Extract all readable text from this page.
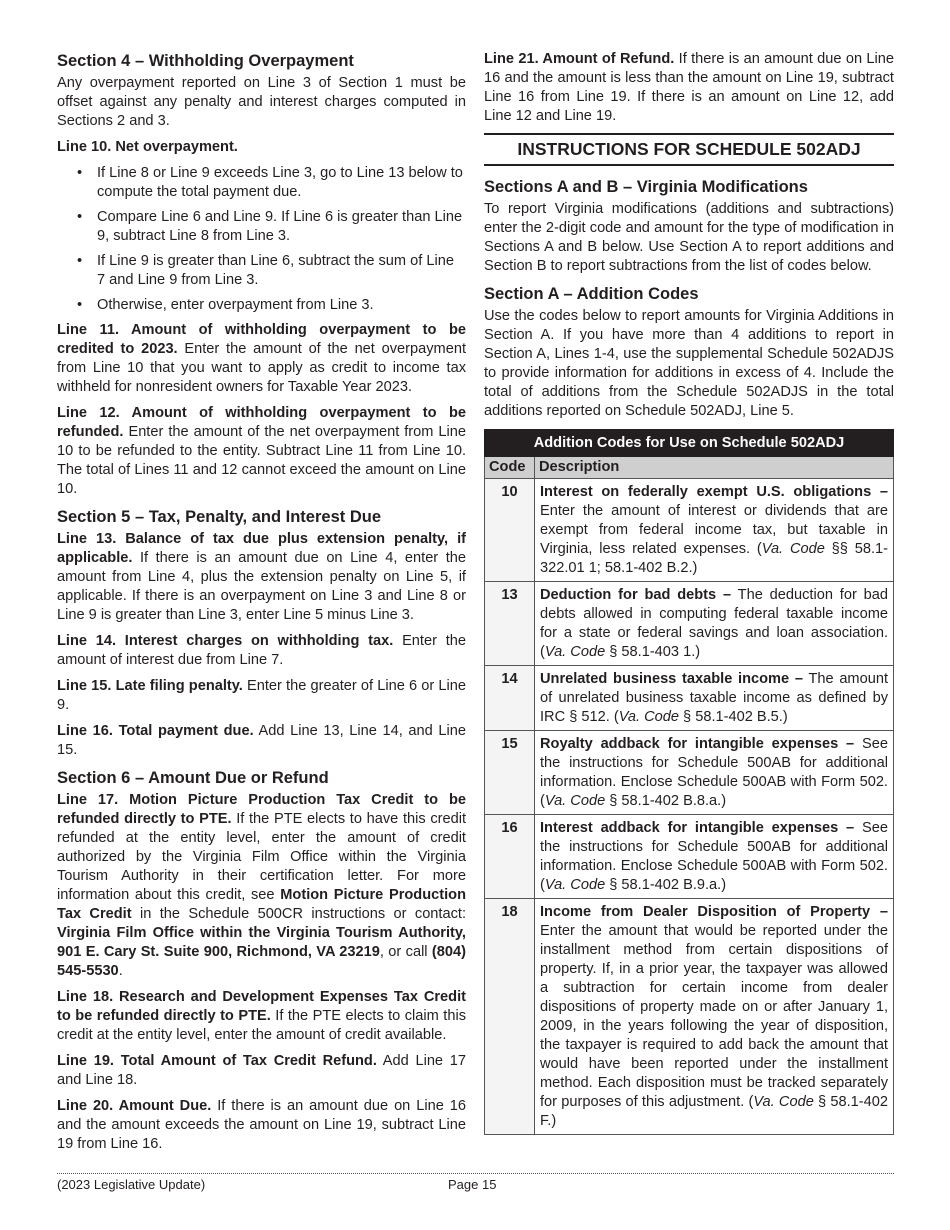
Section 4 – Withholding Overpayment

Any overpayment reported on Line 3 of Section 1 must be offset against any penalty and interest charges computed in Sections 2 and 3.

Line 10. Net overpayment.

• If Line 8 or Line 9 exceeds Line 3, go to Line 13 below to compute the total payment due.
• Compare Line 6 and Line 9. If Line 6 is greater than Line 9, subtract Line 8 from Line 3.
• If Line 9 is greater than Line 6, subtract the sum of Line 7 and Line 9 from Line 3.
• Otherwise, enter overpayment from Line 3.

Line 11. Amount of withholding overpayment to be credited to 2023. Enter the amount of the net overpayment from Line 10 that you want to apply as credit to income tax withheld for nonresident owners for Taxable Year 2023.

Line 12. Amount of withholding overpayment to be refunded. Enter the amount of the net overpayment from Line 10 to be refunded to the entity. Subtract Line 11 from Line 10. The total of Lines 11 and 12 cannot exceed the amount on Line 10.

Section 5 – Tax, Penalty, and Interest Due

Line 13. Balance of tax due plus extension penalty, if applicable. If there is an amount due on Line 4, enter the amount from Line 4, plus the extension penalty on Line 5, if applicable. If there is an overpayment on Line 3 and Line 8 or Line 9 is greater than Line 3, enter Line 5 minus Line 3.

Line 14. Interest charges on withholding tax. Enter the amount of interest due from Line 7.

Line 15. Late filing penalty. Enter the greater of Line 6 or Line 9.

Line 16. Total payment due. Add Line 13, Line 14, and Line 15.

Section 6 – Amount Due or Refund

Line 17. Motion Picture Production Tax Credit to be refunded directly to PTE. If the PTE elects to have this credit refunded at the entity level, enter the amount of credit authorized by the Virginia Film Office within the Virginia Tourism Authority in their certification letter. For more information about this credit, see Motion Picture Production Tax Credit in the Schedule 500CR instructions or contact: Virginia Film Office within the Virginia Tourism Authority, 901 E. Cary St. Suite 900, Richmond, VA 23219, or call (804) 545-5530.

Line 18. Research and Development Expenses Tax Credit to be refunded directly to PTE. If the PTE elects to claim this credit at the entity level, enter the amount of credit available.

Line 19. Total Amount of Tax Credit Refund. Add Line 17 and Line 18.

Line 20. Amount Due. If there is an amount due on Line 16 and the amount exceeds the amount on Line 19, subtract Line 19 from Line 16.

Line 21. Amount of Refund. If there is an amount due on Line 16 and the amount is less than the amount on Line 19, subtract Line 16 from Line 19. If there is an amount on Line 12, add Line 12 and Line 19.

INSTRUCTIONS FOR SCHEDULE 502ADJ
Sections A and B – Virginia Modifications

To report Virginia modifications (additions and subtractions) enter the 2-digit code and amount for the type of modification in Sections A and B below. Use Section A to report additions and Section B to report subtractions from the list of codes below.

Section A – Addition Codes

Use the codes below to report amounts for Virginia Additions in Section A. If you have more than 4 additions to report in Section A, Lines 1-4, use the supplemental Schedule 502ADJS to provide information for additions in excess of 4. Include the total of additions from the Schedule 502ADJS in the total additions reported on Schedule 502ADJ, Line 5.

Addition Codes for Use on Schedule 502ADJ	
Code	Description
10	Interest on federally exempt U.S. obligations – Enter the amount of interest or dividends that are exempt from federal income tax, but taxable in Virginia, less related expenses. (Va. Code §§ 58.1-322.01 1; 58.1-402 B.2.)
13	Deduction for bad debts – The deduction for bad debts allowed in computing federal taxable income for a state or federal savings and loan association. (Va. Code § 58.1-403 1.)
14	Unrelated business taxable income – The amount of unrelated business taxable income as defined by IRC § 512. (Va. Code § 58.1-402 B.5.)
15	Royalty addback for intangible expenses – See the instructions for Schedule 500AB for additional information. Enclose Schedule 500AB with Form 502. (Va. Code § 58.1-402 B.8.a.)
16	Interest addback for intangible expenses – See the instructions for Schedule 500AB for additional information. Enclose Schedule 500AB with Form 502. (Va. Code § 58.1-402 B.9.a.)
18	Income from Dealer Disposition of Property – Enter the amount that would be reported under the installment method from certain dispositions of property. If, in a prior year, the taxpayer was allowed a subtraction for certain income from dealer dispositions of property made on or after January 1, 2009, in the years following the year of disposition, the taxpayer is required to add back the amount that would have been reported under the installment method. Each disposition must be tracked separately for purposes of this adjustment. (Va. Code § 58.1-402 F.)
(2023 Legislative Update)	Page 15
